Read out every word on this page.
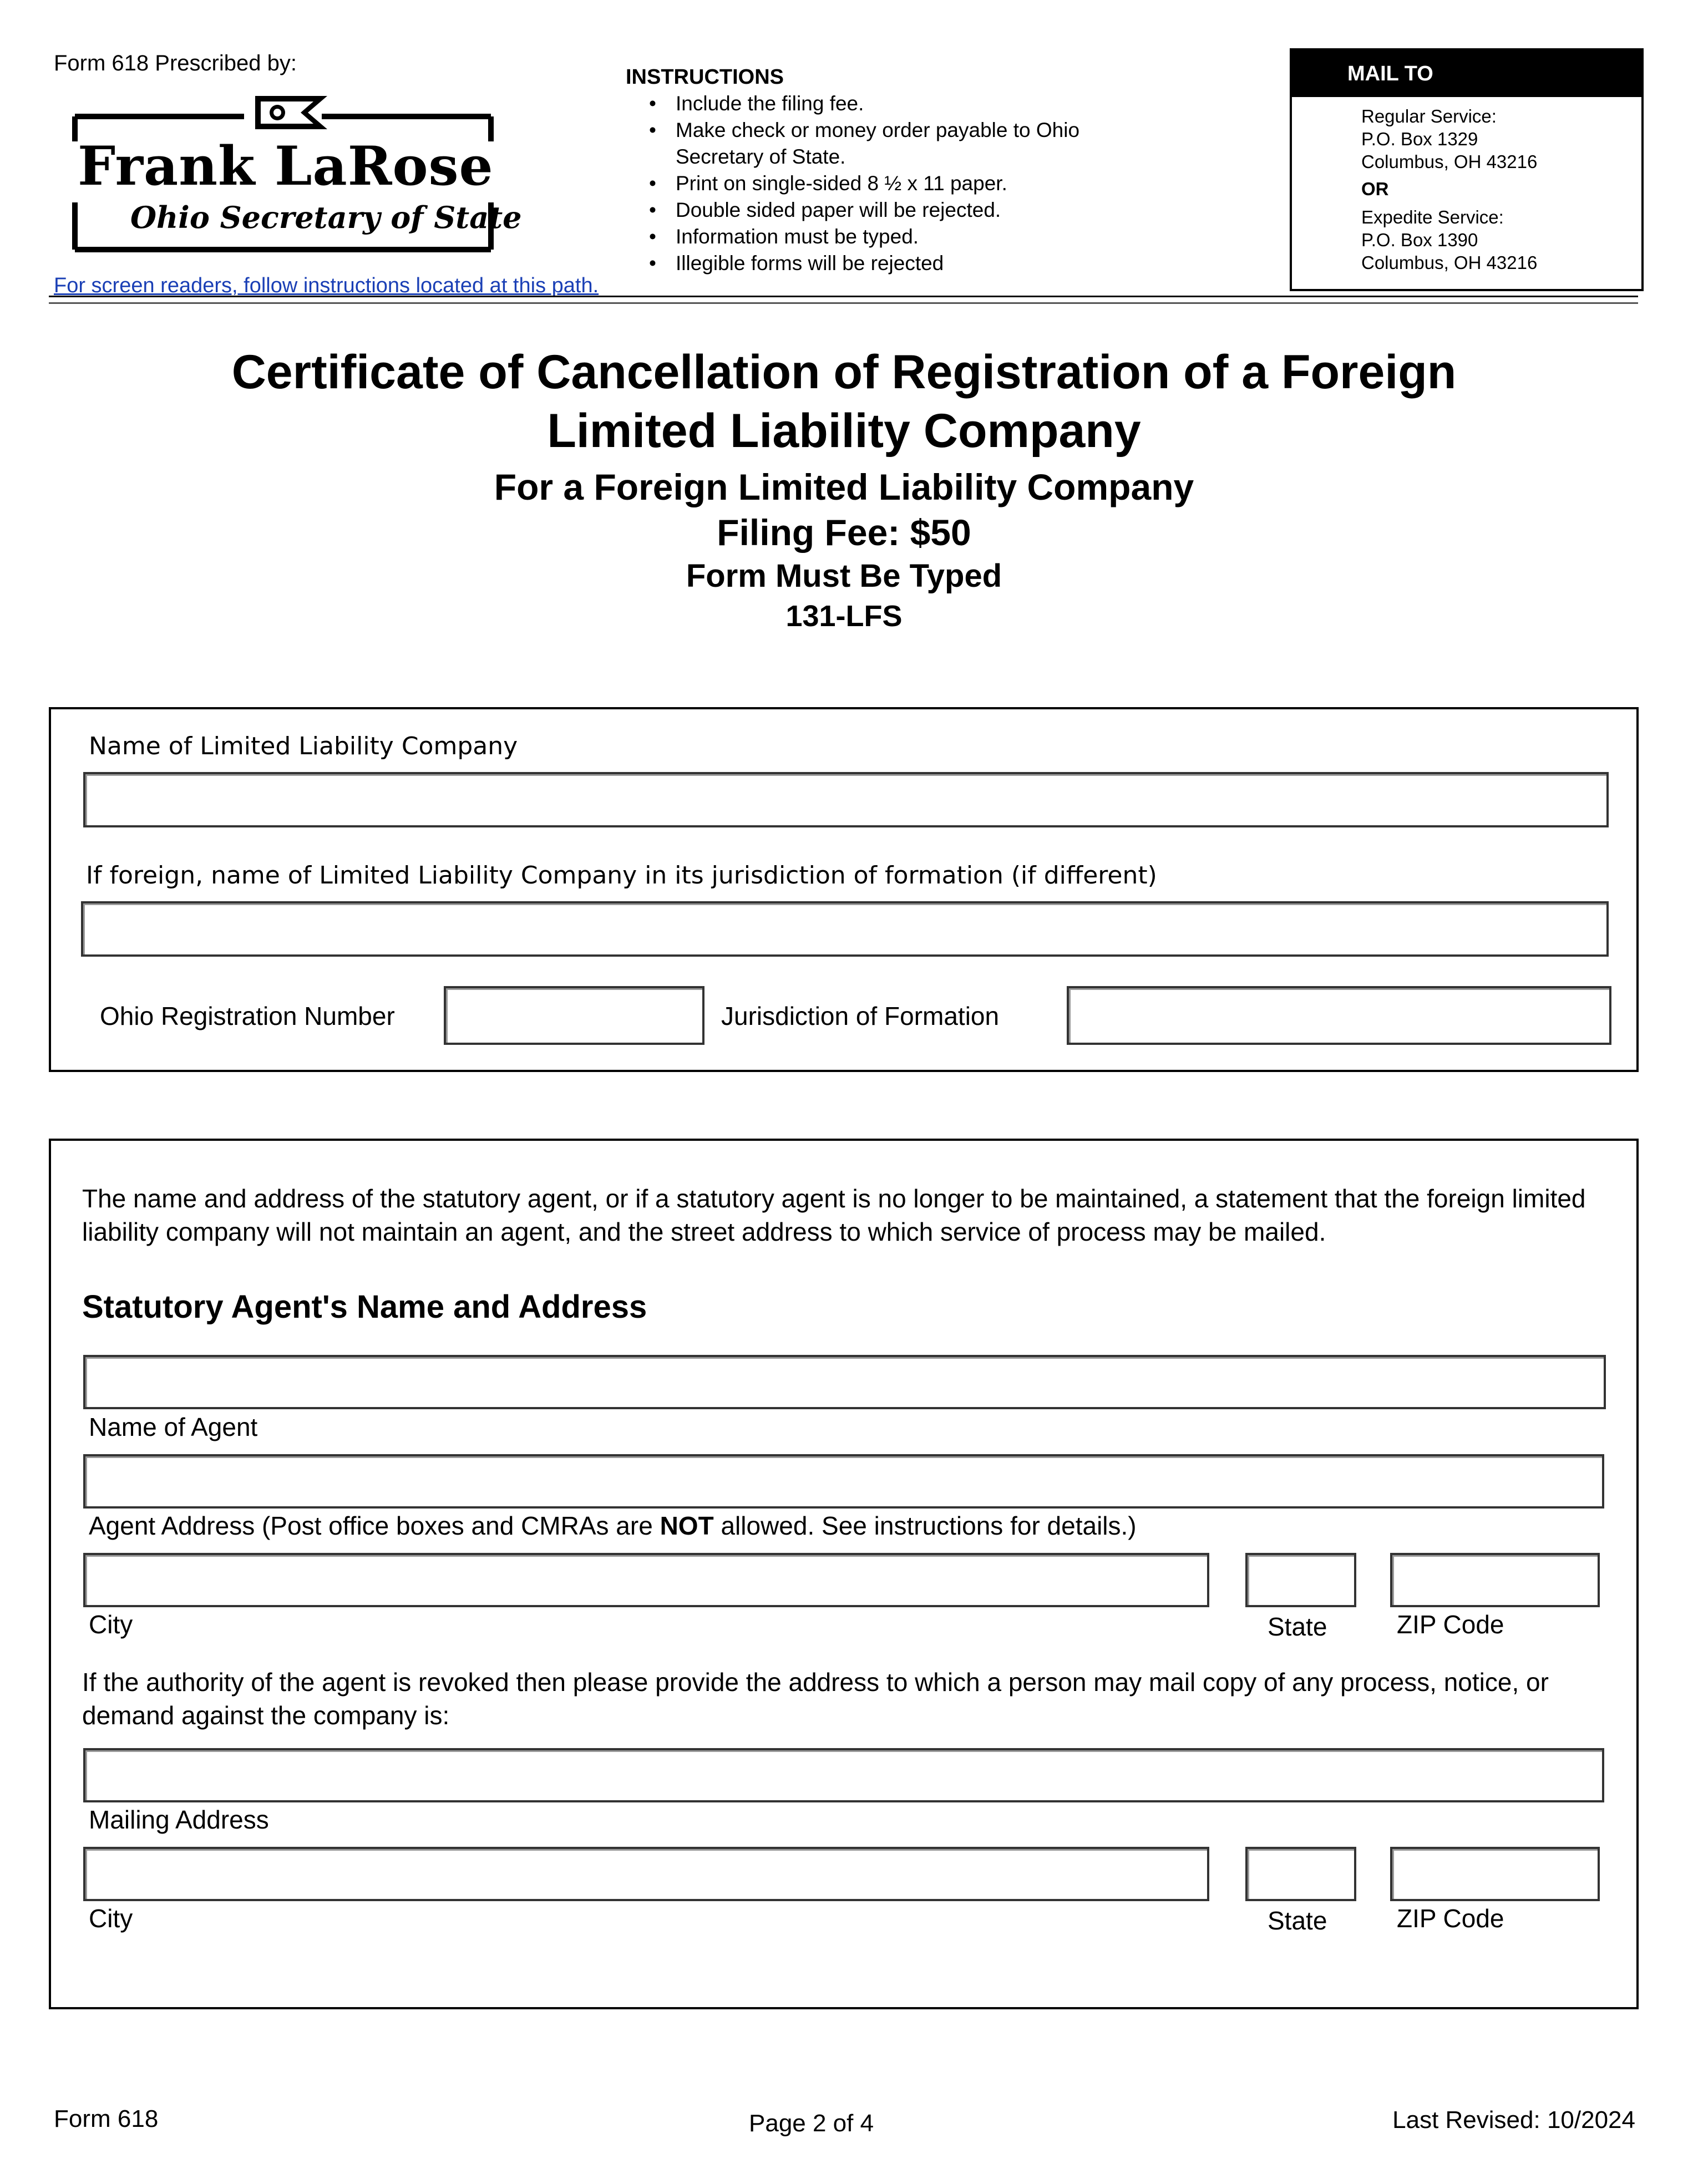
Form 618 Prescribed by:
Frank LaRose
Ohio Secretary of State
For screen readers, follow instructions located at this path.
INSTRUCTIONS
• Include the filing fee.
• Make check or money order payable to Ohio Secretary of State.
• Print on single-sided 8 ½ x 11 paper.
• Double sided paper will be rejected.
• Information must be typed.
• Illegible forms will be rejected
MAIL TO
Regular Service:
P.O. Box 1329
Columbus, OH 43216
OR
Expedite Service:
P.O. Box 1390
Columbus, OH 43216
Certificate of Cancellation of Registration of a Foreign
Limited Liability Company
For a Foreign Limited Liability Company
Filing Fee: $50
Form Must Be Typed
131-LFS
Name of Limited Liability Company
If foreign, name of Limited Liability Company in its jurisdiction of formation (if different)
Ohio Registration Number	Jurisdiction of Formation
The name and address of the statutory agent, or if a statutory agent is no longer to be maintained, a statement that the foreign limited liability company will not maintain an agent, and the street address to which service of process may be mailed.
Statutory Agent's Name and Address
Name of Agent
Agent Address (Post office boxes and CMRAs are NOT allowed. See instructions for details.)
City	State	ZIP Code
If the authority of the agent is revoked then please provide the address to which a person may mail copy of any process, notice, or demand against the company is:
Mailing Address
City	State	ZIP Code
Form 618	Page 2 of 4	Last Revised: 10/2024
